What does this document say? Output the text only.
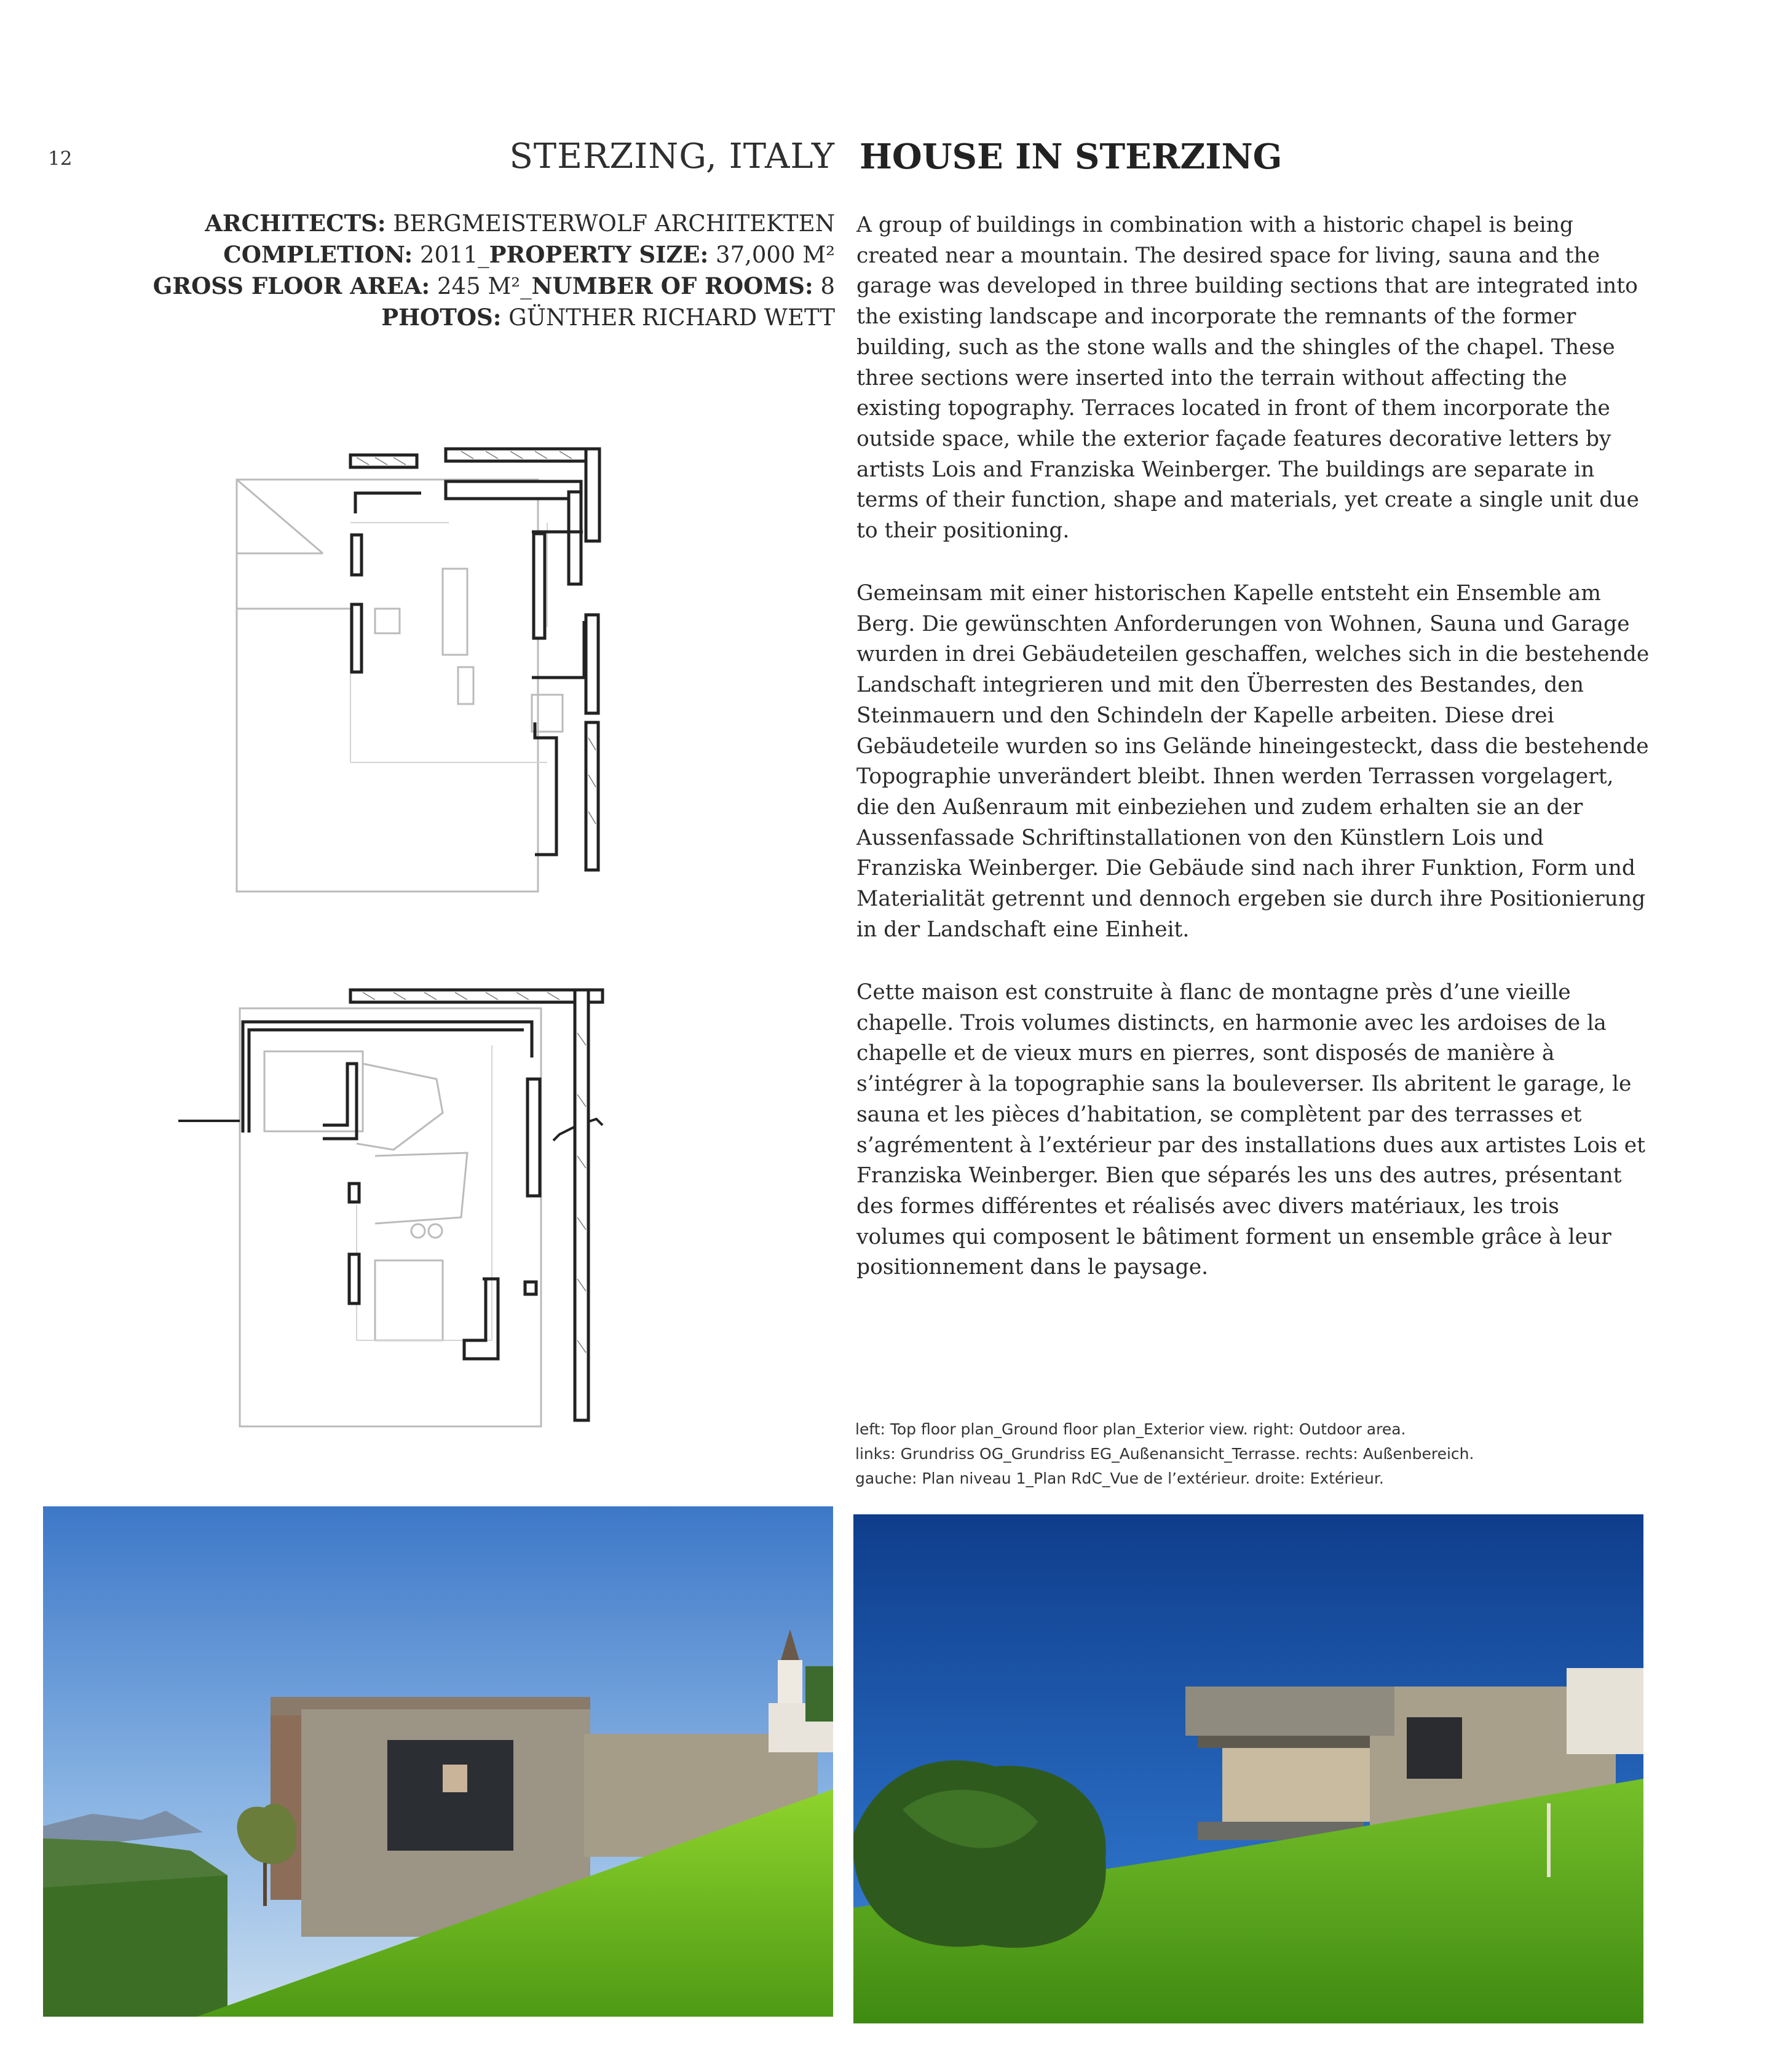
12	STERZING, ITALY HOUSE IN STERZING
ARCHITECTS: BERGMEISTERWOLF ARCHITEKTEN
COMPLETION: 2011_PROPERTY SIZE: 37,000 M²
GROSS FLOOR AREA: 245 M²_NUMBER OF ROOMS: 8
PHOTOS: GÜNTHER RICHARD WETT
A group of buildings in combination with a historic chapel is being created near a mountain. The desired space for living, sauna and the garage was developed in three building sections that are integrated into the existing landscape and incorporate the remnants of the former building, such as the stone walls and the shingles of the chapel. These three sections were inserted into the terrain without affecting the existing topography. Terraces located in front of them incorporate the outside space, while the exterior façade features decorative letters by artists Lois and Franziska Weinberger. The buildings are separate in terms of their function, shape and materials, yet create a single unit due to their positioning.
Gemeinsam mit einer historischen Kapelle entsteht ein Ensemble am Berg. Die gewünschten Anforderungen von Wohnen, Sauna und Garage wurden in drei Gebäudeteilen geschaffen, welches sich in die bestehende Landschaft integrieren und mit den Überresten des Bestandes, den Steinmauern und den Schindeln der Kapelle arbeiten. Diese drei Gebäudeteile wurden so ins Gelände hineingesteckt, dass die bestehende Topographie unverändert bleibt. Ihnen werden Terrassen vorgelagert, die den Außenraum mit einbeziehen und zudem erhalten sie an der Aussenfassade Schriftinstallationen von den Künstlern Lois und Franziska Weinberger. Die Gebäude sind nach ihrer Funktion, Form und Materialität getrennt und dennoch ergeben sie durch ihre Positionierung in der Landschaft eine Einheit.
Cette maison est construite à flanc de montagne près d’une vieille chapelle. Trois volumes distincts, en harmonie avec les ardoises de la chapelle et de vieux murs en pierres, sont disposés de manière à s’intégrer à la topographie sans la bouleverser. Ils abritent le garage, le sauna et les pièces d’habitation, se complètent par des terrasses et s’agrémentent à l’extérieur par des installations dues aux artistes Lois et Franziska Weinberger. Bien que séparés les uns des autres, présentant des formes différentes et réalisés avec divers matériaux, les trois volumes qui composent le bâtiment forment un ensemble grâce à leur positionnement dans le paysage.
left: Top floor plan_Ground floor plan_Exterior view. right: Outdoor area.
links: Grundriss OG_Grundriss EG_Außenansicht_Terrasse. rechts: Außenbereich.
gauche: Plan niveau 1_Plan RdC_Vue de l’extérieur. droite: Extérieur.
